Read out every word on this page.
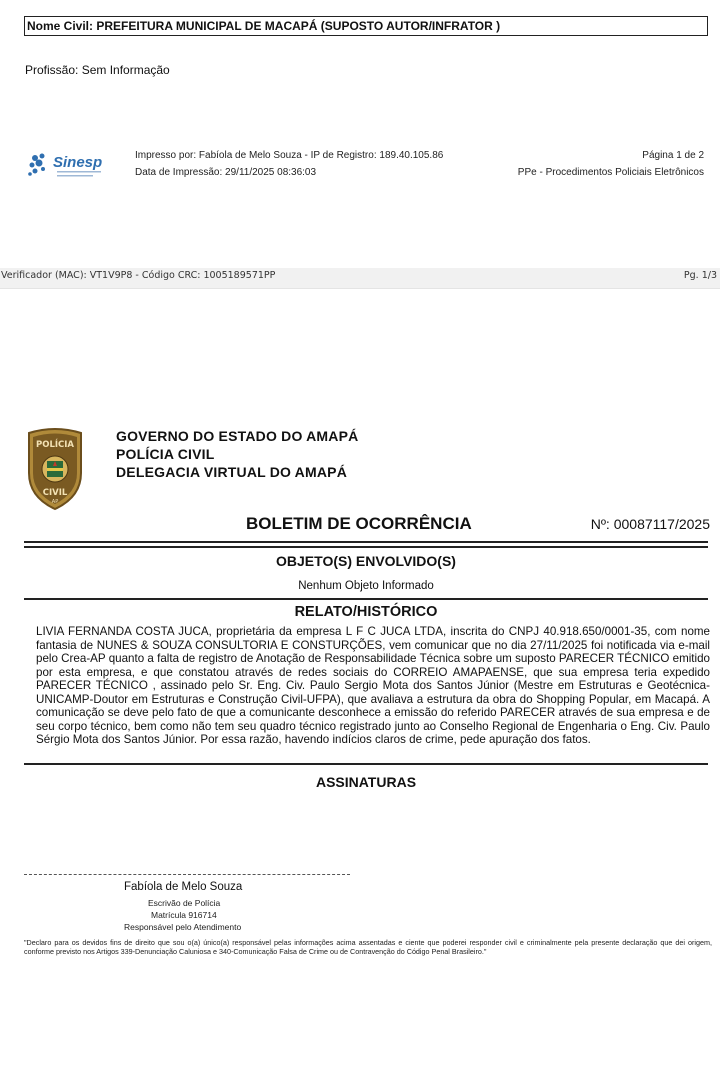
Nome Civil: PREFEITURA MUNICIPAL DE MACAPÁ (SUPOSTO AUTOR/INFRATOR )
Profissão: Sem Informação
Sinesp	Impresso por: Fabíola de Melo Souza - IP de Registro: 189.40.105.86
Data de Impressão: 29/11/2025 08:36:03
Página 1 de 2
PPe - Procedimentos Policiais Eletrônicos
Verificador (MAC): VT1V9P8 - Código CRC: 1005189571PP	Pg. 1/3
POLÍCIA
CIVIL
AP
GOVERNO DO ESTADO DO AMAPÁ
POLÍCIA CIVIL
DELEGACIA VIRTUAL DO AMAPÁ
BOLETIM DE OCORRÊNCIA	Nº: 00087117/2025
OBJETO(S) ENVOLVIDO(S)
Nenhum Objeto Informado
RELATO/HISTÓRICO
LIVIA FERNANDA COSTA JUCA, proprietária da empresa L F C JUCA LTDA, inscrita do CNPJ 40.918.650/0001-35, com nome fantasia de NUNES & SOUZA CONSULTORIA E CONSTURÇÕES, vem comunicar que no dia 27/11/2025 foi notificada via e-mail pelo Crea-AP quanto a falta de registro de Anotação de Responsabilidade Técnica sobre um suposto PARECER TÉCNICO emitido por esta empresa, e que constatou através de redes sociais do CORREIO AMAPAENSE, que sua empresa teria expedido PARECER TÉCNICO , assinado pelo Sr. Eng. Civ. Paulo Sergio Mota dos Santos Júnior (Mestre em Estruturas e Geotécnica-UNICAMP-Doutor em Estruturas e Construção Civil-UFPA), que avaliava a estrutura da obra do Shopping Popular, em Macapá. A comunicação se deve pelo fato de que a comunicante desconhece a emissão do referido PARECER através de sua empresa e de seu corpo técnico, bem como não tem seu quadro técnico registrado junto ao Conselho Regional de Engenharia o Eng. Civ. Paulo Sérgio Mota dos Santos Júnior. Por essa razão, havendo indícios claros de crime, pede apuração dos fatos.
ASSINATURAS
Fabíola de Melo Souza
Escrivão de Polícia
Matrícula 916714
Responsável pelo Atendimento
"Declaro para os devidos fins de direito que sou o(a) único(a) responsável pelas informações acima assentadas e ciente que poderei responder civil e criminalmente pela presente declaração que dei origem, conforme previsto nos Artigos 339-Denunciação Caluniosa e 340-Comunicação Falsa de Crime ou de Contravenção do Código Penal Brasileiro."
